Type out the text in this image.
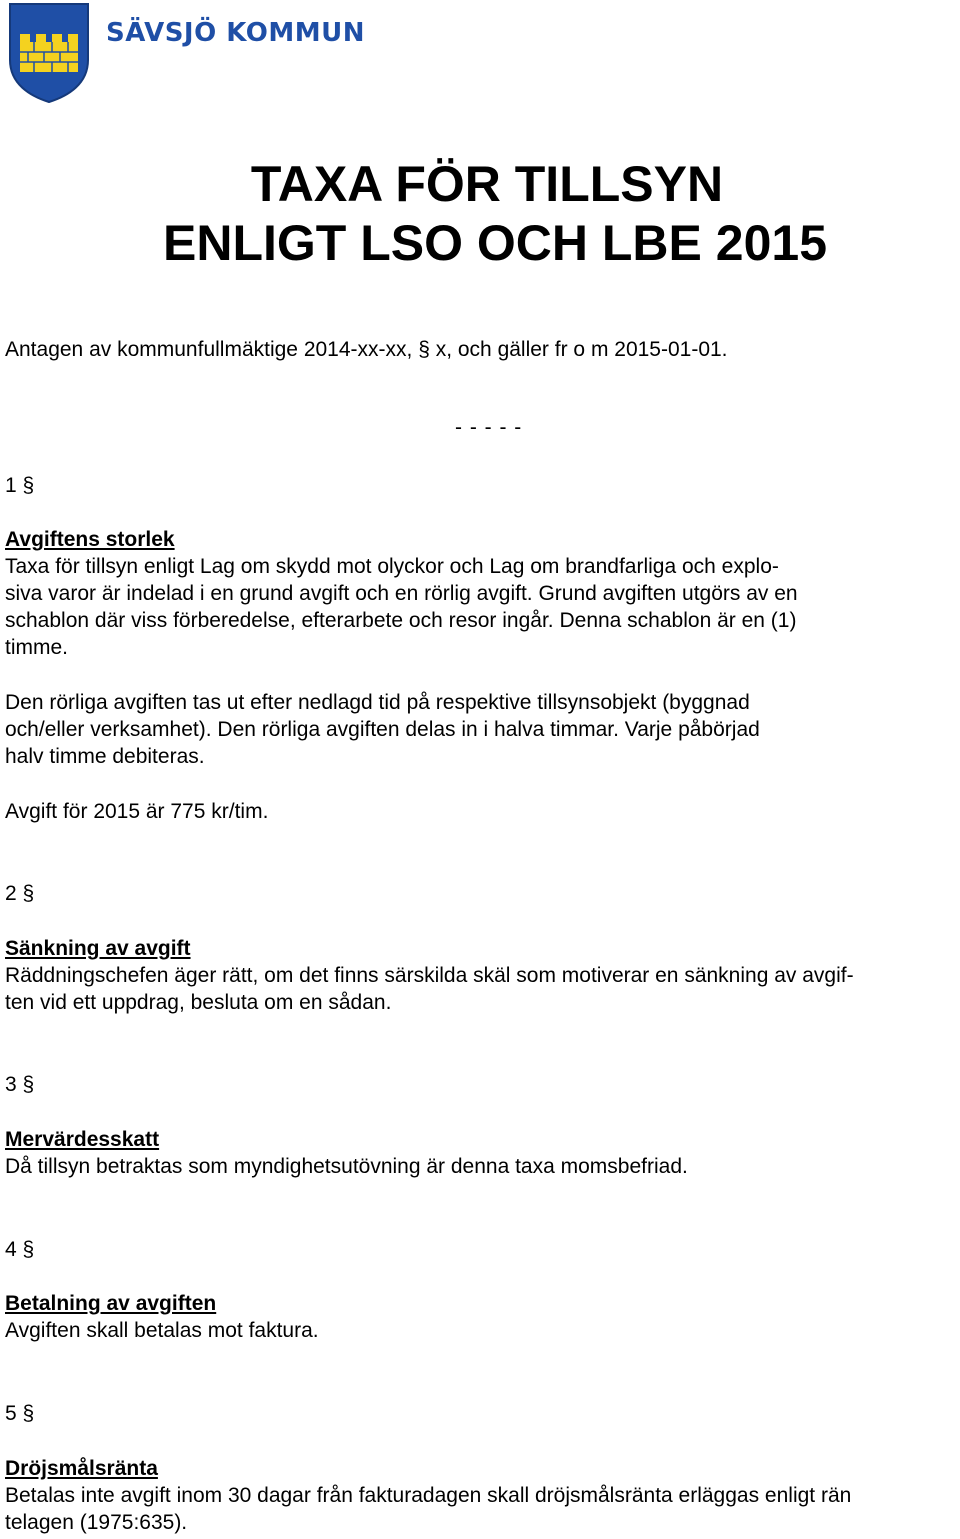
SÄVSJÖ KOMMUN
TAXA FÖR TILLSYN
ENLIGT LSO OCH LBE 2015

Antagen av kommunfullmäktige 2014-xx-xx, § x, och gäller fr o m 2015-01-01.

- - - - -
1 §
Avgiftens storlek
Taxa för tillsyn enligt Lag om skydd mot olyckor och Lag om brandfarliga och explo-
siva varor är indelad i en grund avgift och en rörlig avgift. Grund avgiften utgörs av en
schablon där viss förberedelse, efterarbete och resor ingår. Denna schablon är en (1)
timme.
Den rörliga avgiften tas ut efter nedlagd tid på respektive tillsynsobjekt (byggnad
och/eller verksamhet). Den rörliga avgiften delas in i halva timmar. Varje påbörjad
halv timme debiteras.
Avgift för 2015 är 775 kr/tim.
2 §
Sänkning av avgift
Räddningschefen äger rätt, om det finns särskilda skäl som motiverar en sänkning av avgif-
ten vid ett uppdrag, besluta om en sådan.
3 §
Mervärdesskatt
Då tillsyn betraktas som myndighetsutövning är denna taxa momsbefriad.
4 §
Betalning av avgiften
Avgiften skall betalas mot faktura.
5 §
Dröjsmålsränta
Betalas inte avgift inom 30 dagar från fakturadagen skall dröjsmålsränta erläggas enligt rän
telagen (1975:635).
